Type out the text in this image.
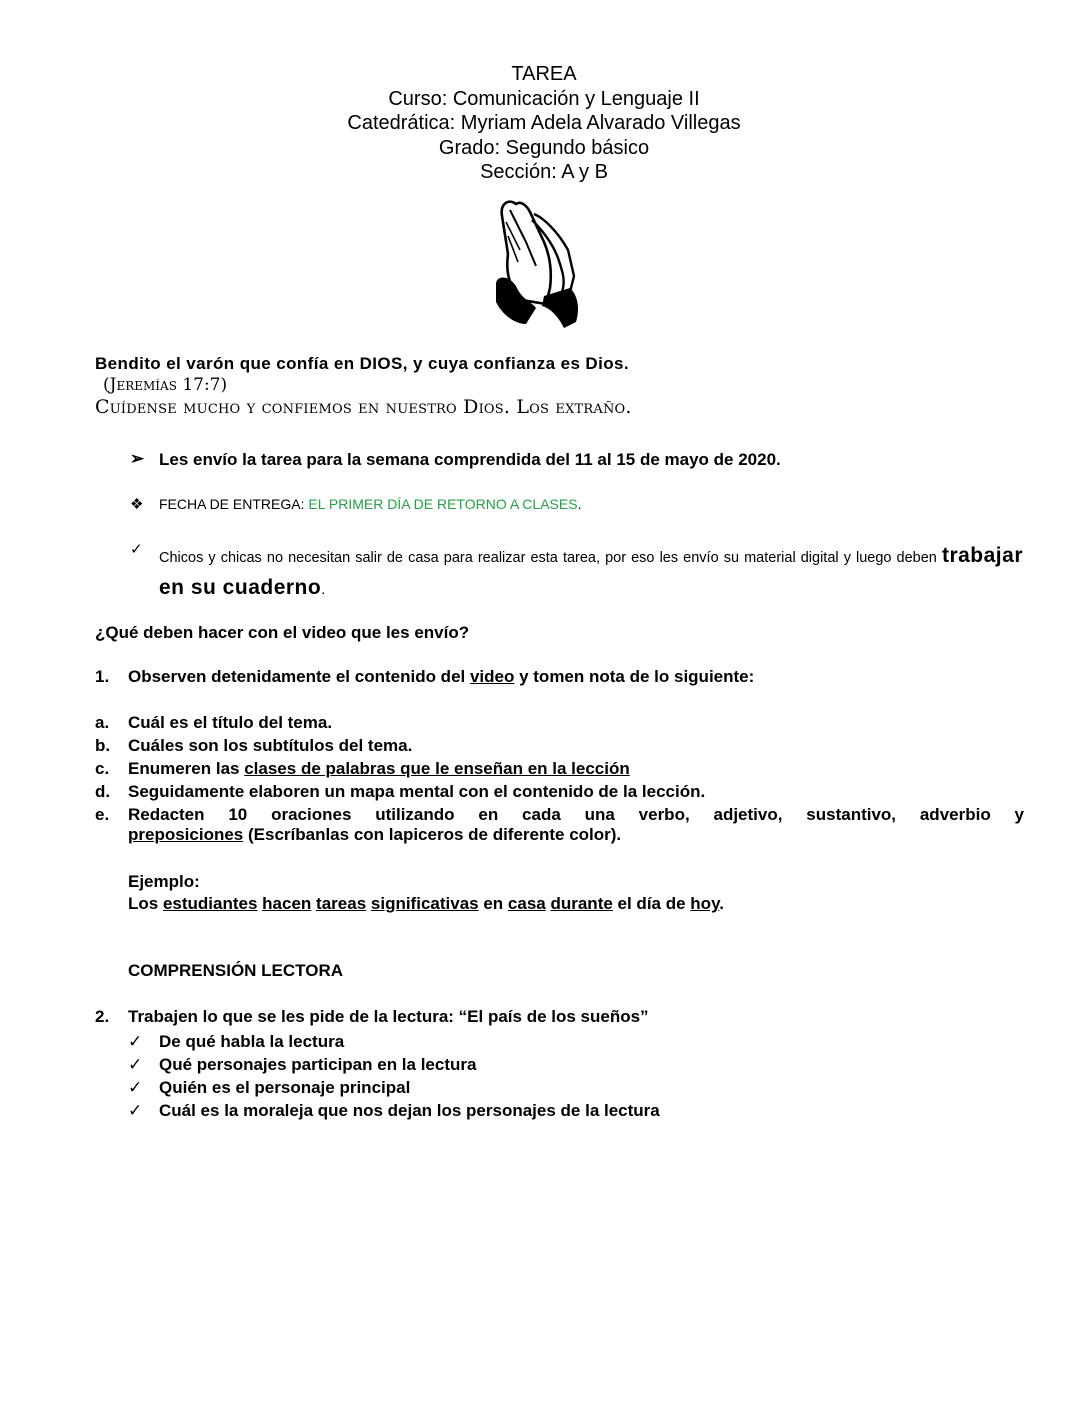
TAREA
Curso: Comunicación y Lenguaje II
Catedrática: Myriam Adela Alvarado Villegas
Grado: Segundo básico
Sección: A y B
Bendito el varón que confía en DIOS, y cuya confianza es Dios.
(Jeremías 17:7)
Cuídense mucho y confiemos en nuestro Dios. Los extraño.
➢ Les envío la tarea para la semana comprendida del 11 al 15 de mayo de 2020.
❖ FECHA DE ENTREGA: EL PRIMER DÍA DE RETORNO A CLASES.
✓ Chicos y chicas no necesitan salir de casa para realizar esta tarea, por eso les envío su material digital y luego deben trabajar en su cuaderno.
¿Qué deben hacer con el video que les envío?
1. Observen detenidamente el contenido del video y tomen nota de lo siguiente:
a. Cuál es el título del tema.
b. Cuáles son los subtítulos del tema.
c. Enumeren las clases de palabras que le enseñan en la lección
d. Seguidamente elaboren un mapa mental con el contenido de la lección.
e. Redacten 10 oraciones utilizando en cada una verbo, adjetivo, sustantivo, adverbio y
preposiciones (Escríbanlas con lapiceros de diferente color).
Ejemplo:
Los estudiantes hacen tareas significativas en casa durante el día de hoy.
COMPRENSIÓN LECTORA
2. Trabajen lo que se les pide de la lectura: “El país de los sueños”
✓ De qué habla la lectura
✓ Qué personajes participan en la lectura
✓ Quién es el personaje principal
✓ Cuál es la moraleja que nos dejan los personajes de la lectura
